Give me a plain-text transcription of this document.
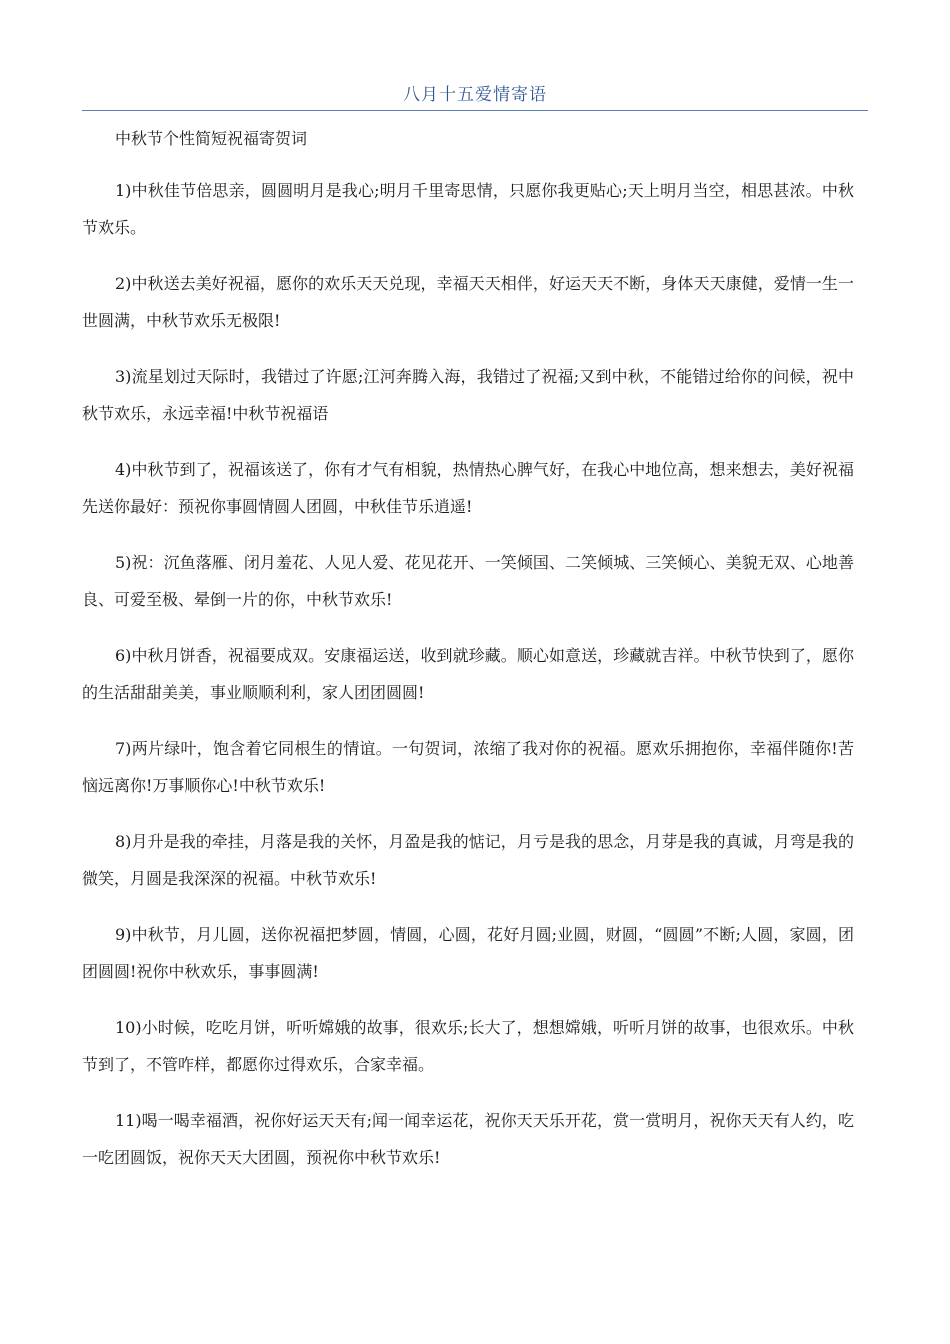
八月十五爱情寄语

中秋节个性简短祝福寄贺词

1)中秋佳节倍思亲，圆圆明月是我心;明月千里寄思情，只愿你我更贴心;天上明月当空，相思甚浓。中秋节欢乐。

2)中秋送去美好祝福，愿你的欢乐天天兑现，幸福天天相伴，好运天天不断，身体天天康健，爱情一生一世圆满，中秋节欢乐无极限!

3)流星划过天际时，我错过了许愿;江河奔腾入海，我错过了祝福;又到中秋，不能错过给你的问候，祝中秋节欢乐，永远幸福!中秋节祝福语

4)中秋节到了，祝福该送了，你有才气有相貌，热情热心脾气好，在我心中地位高，想来想去，美好祝福先送你最好：预祝你事圆情圆人团圆，中秋佳节乐逍遥!

5)祝：沉鱼落雁、闭月羞花、人见人爱、花见花开、一笑倾国、二笑倾城、三笑倾心、美貌无双、心地善良、可爱至极、晕倒一片的你，中秋节欢乐!

6)中秋月饼香，祝福要成双。安康福运送，收到就珍藏。顺心如意送，珍藏就吉祥。中秋节快到了，愿你的生活甜甜美美，事业顺顺利利，家人团团圆圆!

7)两片绿叶，饱含着它同根生的情谊。一句贺词，浓缩了我对你的祝福。愿欢乐拥抱你，幸福伴随你!苦恼远离你!万事顺你心!中秋节欢乐!

8)月升是我的牵挂，月落是我的关怀，月盈是我的惦记，月亏是我的思念，月芽是我的真诚，月弯是我的微笑，月圆是我深深的祝福。中秋节欢乐!

9)中秋节，月儿圆，送你祝福把梦圆，情圆，心圆，花好月圆;业圆，财圆，“圆圆”不断;人圆，家圆，团团圆圆!祝你中秋欢乐，事事圆满!

10)小时候，吃吃月饼，听听嫦娥的故事，很欢乐;长大了，想想嫦娥，听听月饼的故事，也很欢乐。中秋节到了，不管咋样，都愿你过得欢乐，合家幸福。

11)喝一喝幸福酒，祝你好运天天有;闻一闻幸运花，祝你天天乐开花，赏一赏明月，祝你天天有人约，吃一吃团圆饭，祝你天天大团圆，预祝你中秋节欢乐!
